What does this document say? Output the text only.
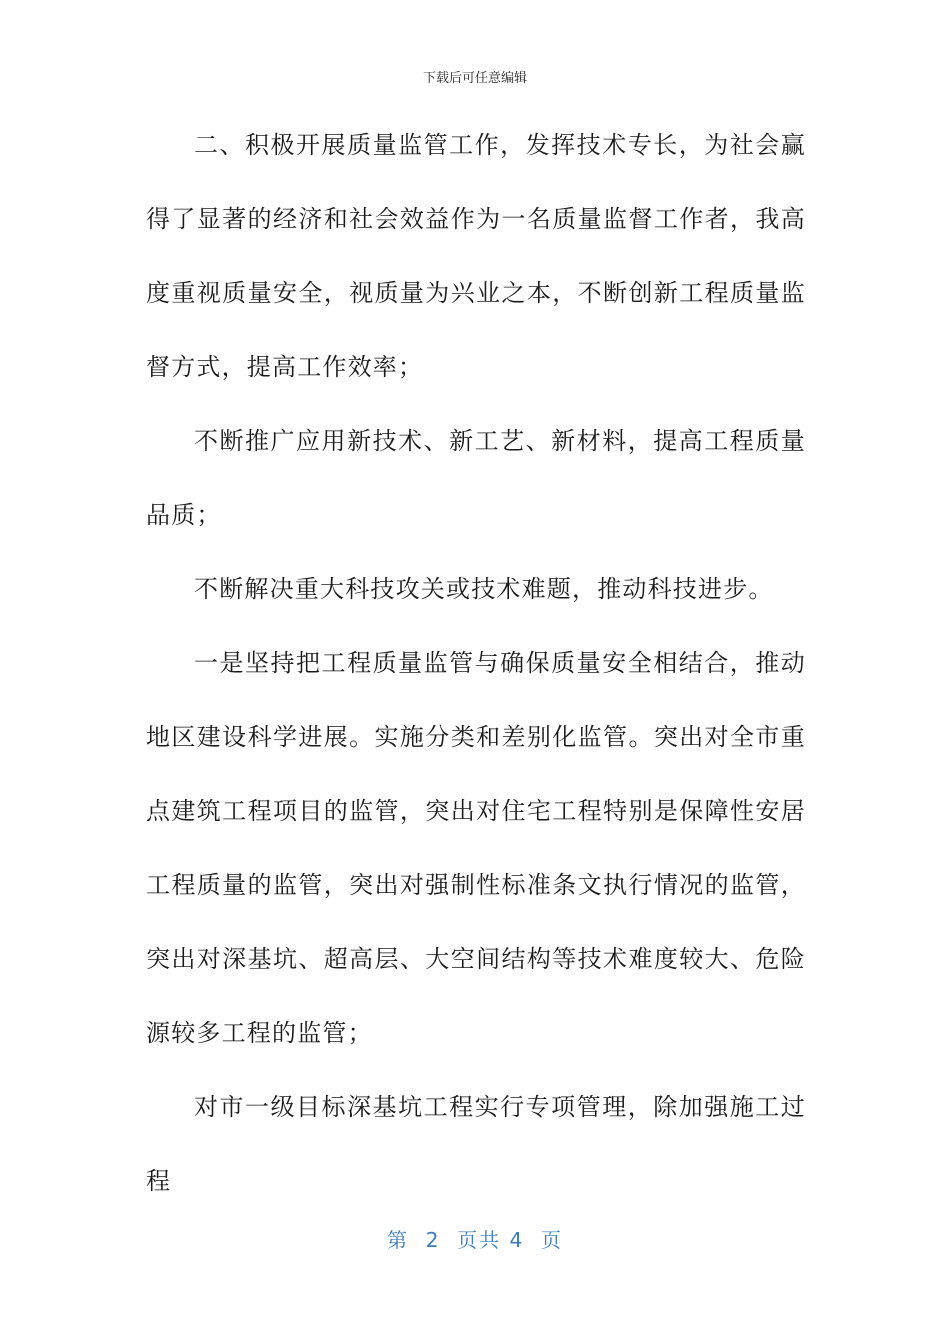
下载后可任意编辑

二、积极开展质量监管工作，发挥技术专长，为社会赢得了显著的经济和社会效益作为一名质量监督工作者，我高度重视质量安全，视质量为兴业之本，不断创新工程质量监督方式，提高工作效率；

不断推广应用新技术、新工艺、新材料，提高工程质量品质；

不断解决重大科技攻关或技术难题，推动科技进步。

一是坚持把工程质量监管与确保质量安全相结合，推动地区建设科学进展。实施分类和差别化监管。突出对全市重点建筑工程项目的监管，突出对住宅工程特别是保障性安居工程质量的监管，突出对强制性标准条文执行情况的监管，突出对深基坑、超高层、大空间结构等技术难度较大、危险源较多工程的监管；

对市一级目标深基坑工程实行专项管理，除加强施工过程

第  2  页共 4  页
